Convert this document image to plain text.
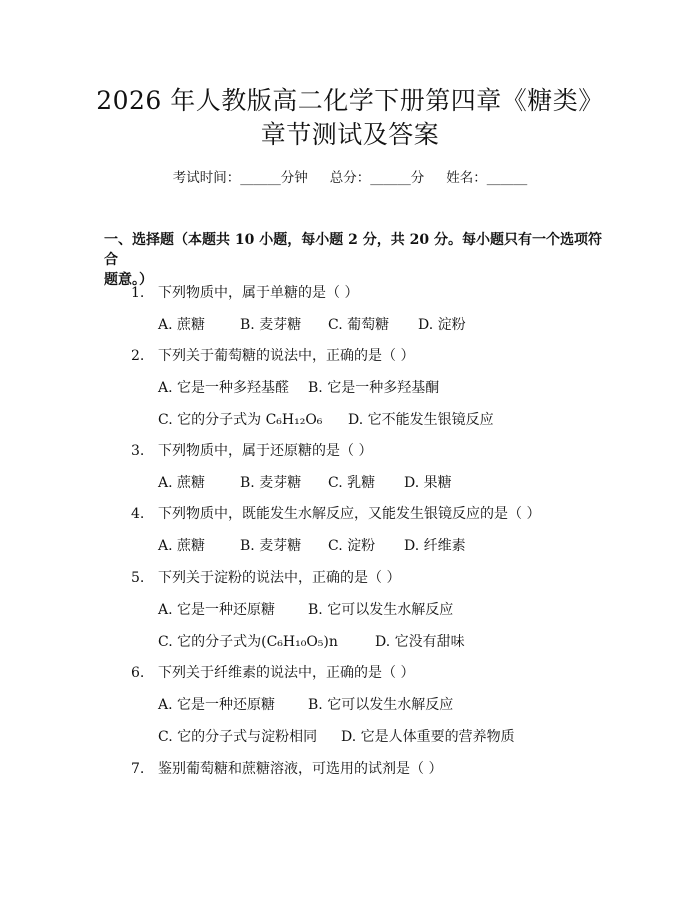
2026 年人教版高二化学下册第四章《糖类》
章节测试及答案
考试时间：______分钟 总分：______分 姓名：______
一、选择题（本题共 10 小题，每小题 2 分，共 20 分。每小题只有一个选项符合
题意。）
1. 下列物质中，属于单糖的是（ ）
A. 蔗糖 B. 麦芽糖 C. 葡萄糖 D. 淀粉
2. 下列关于葡萄糖的说法中，正确的是（ ）
A. 它是一种多羟基醛 B. 它是一种多羟基酮
C. 它的分子式为 C₆H₁₂O₆ D. 它不能发生银镜反应
3. 下列物质中，属于还原糖的是（ ）
A. 蔗糖 B. 麦芽糖 C. 乳糖 D. 果糖
4. 下列物质中，既能发生水解反应，又能发生银镜反应的是（ ）
A. 蔗糖 B. 麦芽糖 C. 淀粉 D. 纤维素
5. 下列关于淀粉的说法中，正确的是（ ）
A. 它是一种还原糖 B. 它可以发生水解反应
C. 它的分子式为(C₆H₁₀O₅)n	D. 它没有甜味
6. 下列关于纤维素的说法中，正确的是（ ）
A. 它是一种还原糖 B. 它可以发生水解反应
C. 它的分子式与淀粉相同 D. 它是人体重要的营养物质
7. 鉴别葡萄糖和蔗糖溶液，可选用的试剂是（ ）
